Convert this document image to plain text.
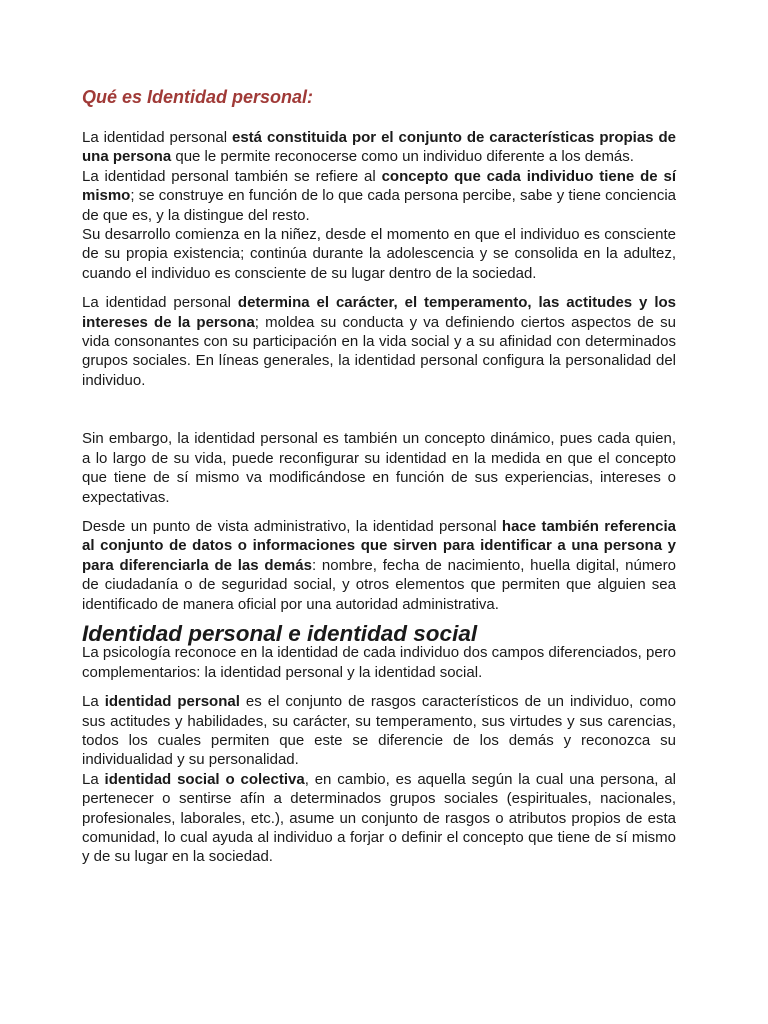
Qué es Identidad personal:

La identidad personal está constituida por el conjunto de características propias de una persona que le permite reconocerse como un individuo diferente a los demás.

La identidad personal también se refiere al concepto que cada individuo tiene de sí mismo; se construye en función de lo que cada persona percibe, sabe y tiene conciencia de que es, y la distingue del resto.

Su desarrollo comienza en la niñez, desde el momento en que el individuo es consciente de su propia existencia; continúa durante la adolescencia y se consolida en la adultez, cuando el individuo es consciente de su lugar dentro de la sociedad.

La identidad personal determina el carácter, el temperamento, las actitudes y los intereses de la persona; moldea su conducta y va definiendo ciertos aspectos de su vida consonantes con su participación en la vida social y a su afinidad con determinados grupos sociales. En líneas generales, la identidad personal configura la personalidad del individuo.

Sin embargo, la identidad personal es también un concepto dinámico, pues cada quien, a lo largo de su vida, puede reconfigurar su identidad en la medida en que el concepto que tiene de sí mismo va modificándose en función de sus experiencias, intereses o expectativas.

Desde un punto de vista administrativo, la identidad personal hace también referencia al conjunto de datos o informaciones que sirven para identificar a una persona y para diferenciarla de las demás: nombre, fecha de nacimiento, huella digital, número de ciudadanía o de seguridad social, y otros elementos que permiten que alguien sea identificado de manera oficial por una autoridad administrativa.

Identidad personal e identidad social

La psicología reconoce en la identidad de cada individuo dos campos diferenciados, pero complementarios: la identidad personal y la identidad social.

La identidad personal es el conjunto de rasgos característicos de un individuo, como sus actitudes y habilidades, su carácter, su temperamento, sus virtudes y sus carencias, todos los cuales permiten que este se diferencie de los demás y reconozca su individualidad y su personalidad.

La identidad social o colectiva, en cambio, es aquella según la cual una persona, al pertenecer o sentirse afín a determinados grupos sociales (espirituales, nacionales, profesionales, laborales, etc.), asume un conjunto de rasgos o atributos propios de esta comunidad, lo cual ayuda al individuo a forjar o definir el concepto que tiene de sí mismo y de su lugar en la sociedad.
